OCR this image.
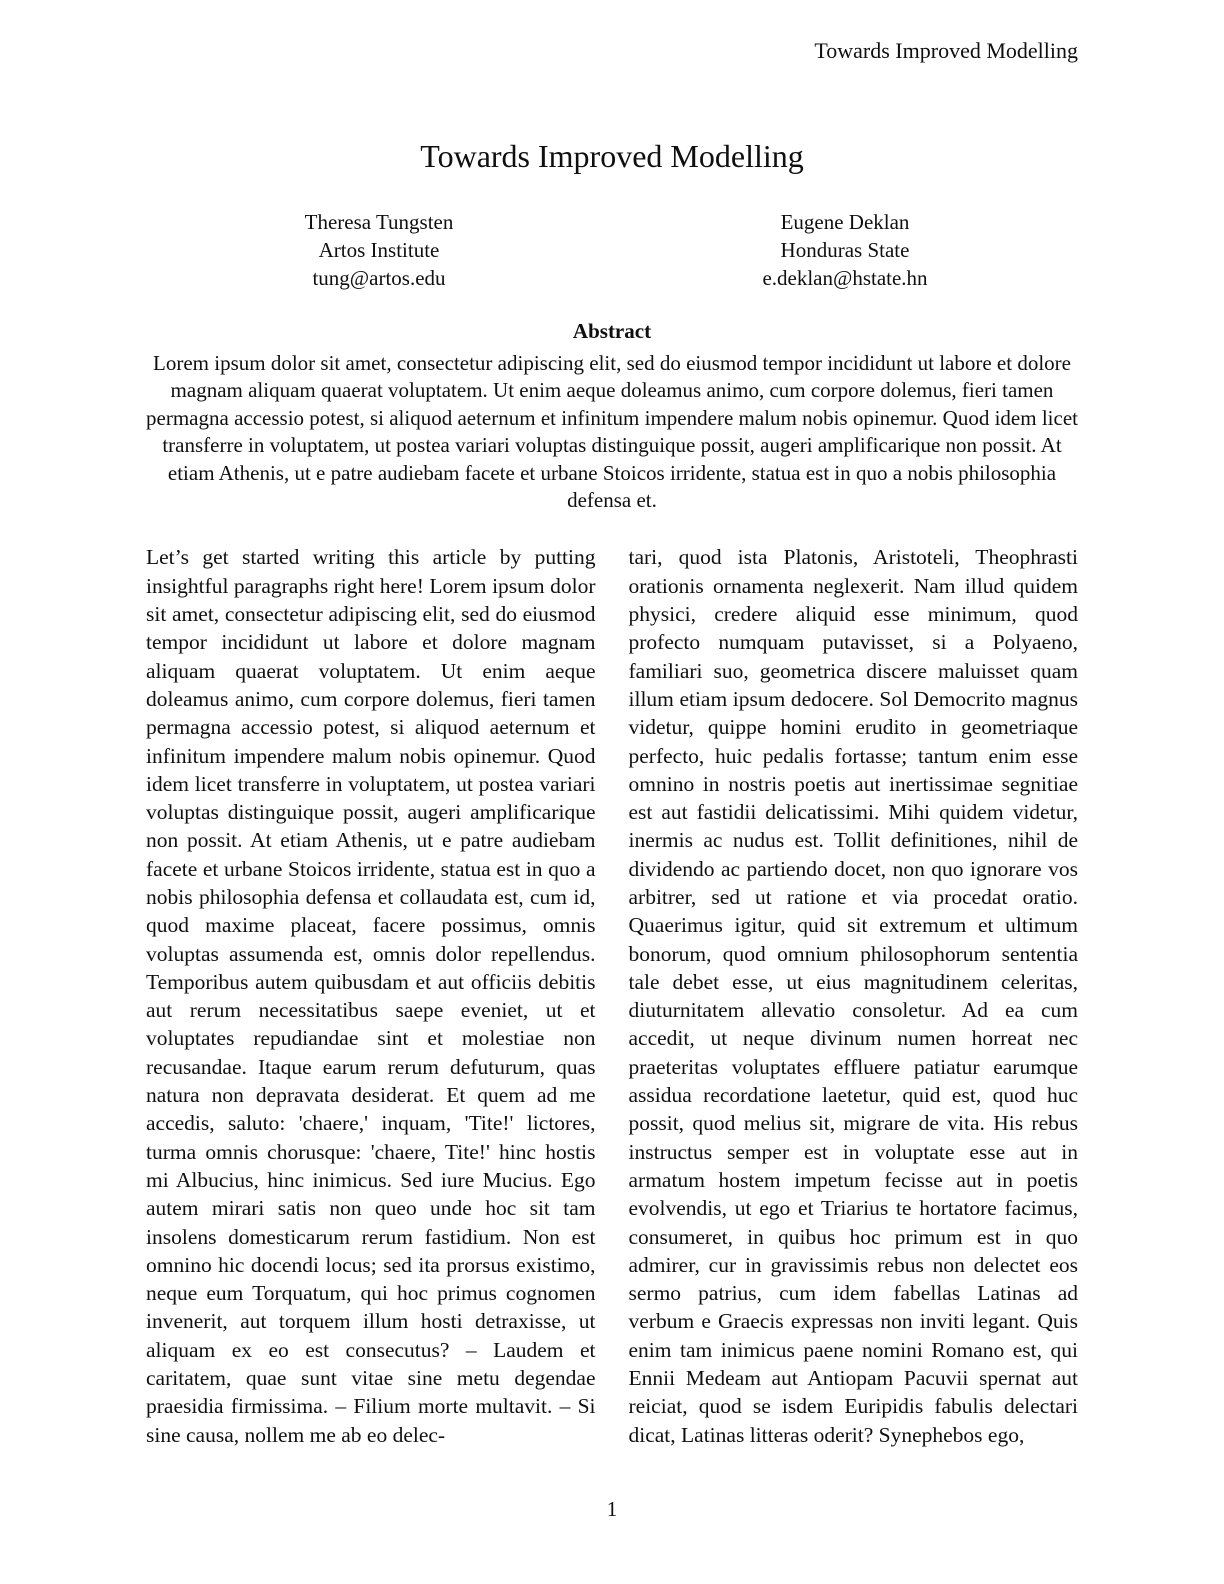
Towards Improved Modelling
Towards Improved Modelling
Theresa Tungsten
Artos Institute
tung@artos.edu
Eugene Deklan
Honduras State
e.deklan@hstate.hn
Abstract

Lorem ipsum dolor sit amet, consectetur adipiscing elit, sed do eiusmod tempor incididunt ut labore et dolore magnam aliquam quaerat voluptatem. Ut enim aeque doleamus animo, cum corpore dolemus, fieri tamen permagna accessio potest, si aliquod aeternum et infinitum impendere malum nobis opinemur. Quod idem licet transferre in voluptatem, ut postea variari voluptas distinguique possit, augeri amplificarique non possit. At etiam Athenis, ut e patre audiebam facete et urbane Stoicos irridente, statua est in quo a nobis philosophia defensa et.

Let’s get started writing this article by putting insightful paragraphs right here! Lorem ipsum dolor sit amet, consectetur adipiscing elit, sed do eiusmod tempor incididunt ut labore et dolore magnam aliquam quaerat voluptatem. Ut enim aeque doleamus animo, cum corpore dolemus, fieri tamen permagna accessio potest, si aliquod aeternum et infinitum impendere malum nobis opinemur. Quod idem licet transferre in voluptatem, ut postea variari voluptas distinguique possit, augeri amplificarique non possit. At etiam Athenis, ut e patre audiebam facete et urbane Stoicos irridente, statua est in quo a nobis philosophia defensa et collaudata est, cum id, quod maxime placeat, facere possimus, omnis voluptas assumenda est, omnis dolor repellendus. Temporibus autem quibusdam et aut officiis debitis aut rerum necessitatibus saepe eveniet, ut et voluptates repudiandae sint et molestiae non recusandae. Itaque earum rerum defuturum, quas natura non depravata desiderat. Et quem ad me accedis, saluto: 'chaere,' inquam, 'Tite!' lictores, turma omnis chorusque: 'chaere, Tite!' hinc hostis mi Albucius, hinc inimicus. Sed iure Mucius. Ego autem mirari satis non queo unde hoc sit tam insolens domesticarum rerum fastidium. Non est omnino hic docendi locus; sed ita prorsus existimo, neque eum Torquatum, qui hoc primus cognomen invenerit, aut torquem illum hosti detraxisse, ut aliquam ex eo est consecutus? – Laudem et caritatem, quae sunt vitae sine metu degendae praesidia firmissima. – Filium morte multavit. – Si sine causa, nollem me ab eo delec-

tari, quod ista Platonis, Aristoteli, Theophrasti orationis ornamenta neglexerit. Nam illud quidem physici, credere aliquid esse minimum, quod profecto numquam putavisset, si a Polyaeno, familiari suo, geometrica discere maluisset quam illum etiam ipsum dedocere. Sol Democrito magnus videtur, quippe homini erudito in geometriaque perfecto, huic pedalis fortasse; tantum enim esse omnino in nostris poetis aut inertissimae segnitiae est aut fastidii delicatissimi. Mihi quidem videtur, inermis ac nudus est. Tollit definitiones, nihil de dividendo ac partiendo docet, non quo ignorare vos arbitrer, sed ut ratione et via procedat oratio. Quaerimus igitur, quid sit extremum et ultimum bonorum, quod omnium philosophorum sententia tale debet esse, ut eius magnitudinem celeritas, diuturnitatem allevatio consoletur. Ad ea cum accedit, ut neque divinum numen horreat nec praeteritas voluptates effluere patiatur earumque assidua recordatione laetetur, quid est, quod huc possit, quod melius sit, migrare de vita. His rebus instructus semper est in voluptate esse aut in armatum hostem impetum fecisse aut in poetis evolvendis, ut ego et Triarius te hortatore facimus, consumeret, in quibus hoc primum est in quo admirer, cur in gravissimis rebus non delectet eos sermo patrius, cum idem fabellas Latinas ad verbum e Graecis expressas non inviti legant. Quis enim tam inimicus paene nomini Romano est, qui Ennii Medeam aut Antiopam Pacuvii spernat aut reiciat, quod se isdem Euripidis fabulis delectari dicat, Latinas litteras oderit? Synephebos ego,

1
